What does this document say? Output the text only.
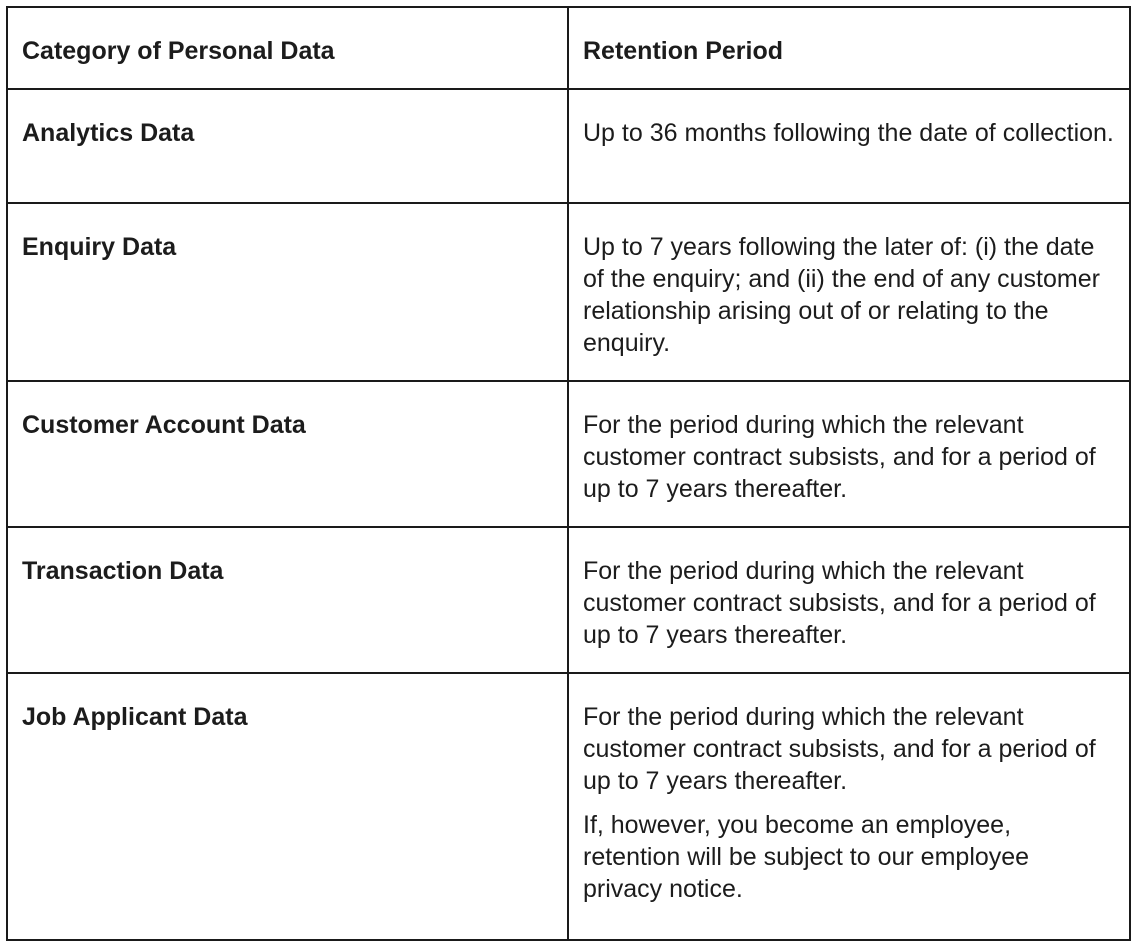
Category of Personal Data	Retention Period

Analytics Data	Up to 36 months following the date of collection.

Enquiry Data	Up to 7 years following the later of: (i) the date of the enquiry; and (ii) the end of any customer relationship arising out of or relating to the enquiry.

Customer Account Data	For the period during which the relevant customer contract subsists, and for a period of up to 7 years thereafter.

Transaction Data	For the period during which the relevant customer contract subsists, and for a period of up to 7 years thereafter.

Job Applicant Data	For the period during which the relevant customer contract subsists, and for a period of up to 7 years thereafter.

If, however, you become an employee, retention will be subject to our employee privacy notice.
